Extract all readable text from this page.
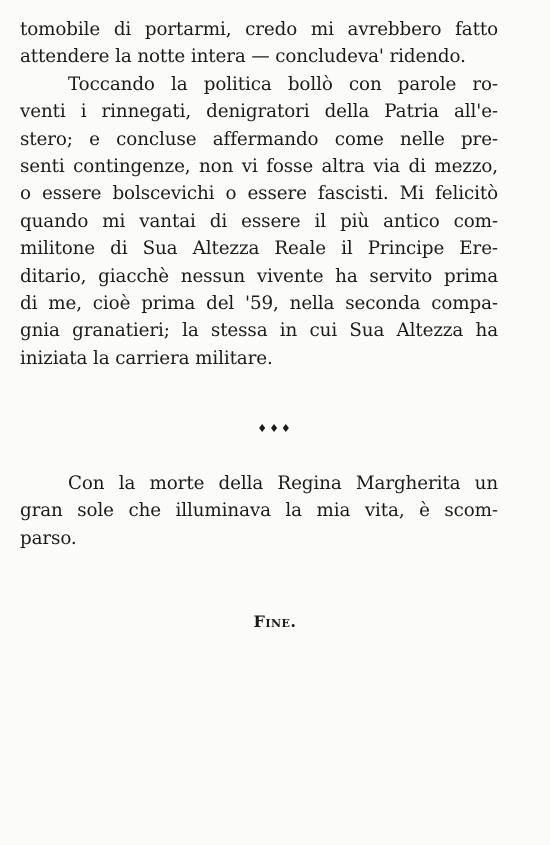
tomobile di portarmi, credo mi avrebbero fatto
attendere la notte intera — concludeva' ridendo.
Toccando la politica bollò con parole ro-
venti i rinnegati, denigratori della Patria all'e-
stero; e concluse affermando come nelle pre-
senti contingenze, non vi fosse altra via di mezzo,
o essere bolscevichi o essere fascisti. Mi felicitò
quando mi vantai di essere il più antico com-
militone di Sua Altezza Reale il Principe Ere-
ditario, giacchè nessun vivente ha servito prima
di me, cioè prima del '59, nella seconda compa-
gnia granatieri; la stessa in cui Sua Altezza ha
iniziata la carriera militare.
♦♦♦
Con la morte della Regina Margherita un
gran sole che illuminava la mia vita, è scom-
parso.
Fine.
